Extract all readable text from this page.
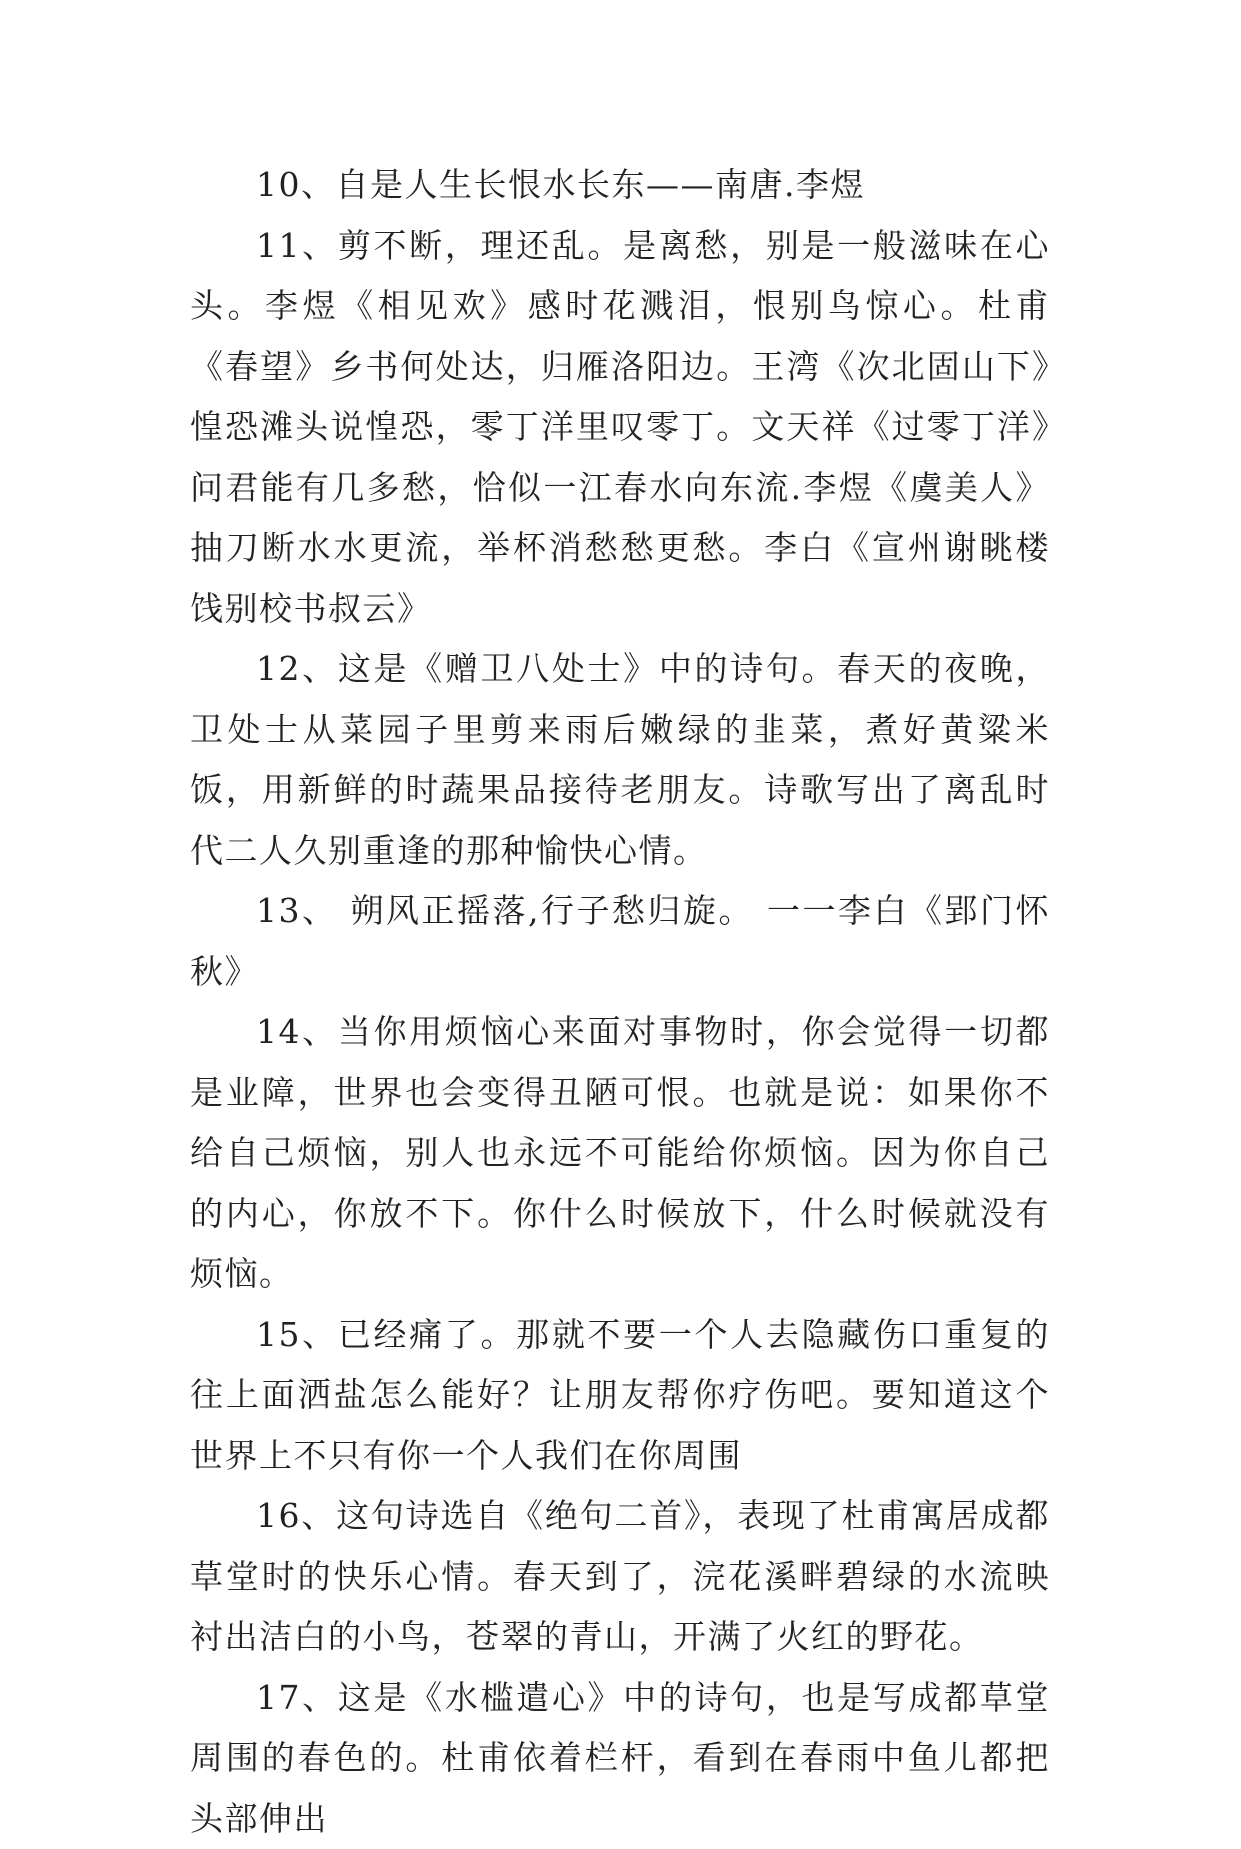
10、自是人生长恨水长东——南唐.李煜

11、剪不断，理还乱。是离愁，别是一般滋味在心头。李煜《相见欢》感时花溅泪，恨别鸟惊心。杜甫《春望》乡书何处达，归雁洛阳边。王湾《次北固山下》惶恐滩头说惶恐，零丁洋里叹零丁。文天祥《过零丁洋》问君能有几多愁，恰似一江春水向东流.李煜《虞美人》抽刀断水水更流，举杯消愁愁更愁。李白《宣州谢眺楼饯别校书叔云》

12、这是《赠卫八处士》中的诗句。春天的夜晚，卫处士从菜园子里剪来雨后嫩绿的韭菜，煮好黄粱米饭，用新鲜的时蔬果品接待老朋友。诗歌写出了离乱时代二人久别重逢的那种愉快心情。

13、 朔风正摇落,行子愁归旋。 一一李白《郢门怀秋》

14、当你用烦恼心来面对事物时，你会觉得一切都是业障，世界也会变得丑陋可恨。也就是说：如果你不给自己烦恼，别人也永远不可能给你烦恼。因为你自己的内心，你放不下。你什么时候放下，什么时候就没有烦恼。

15、已经痛了。那就不要一个人去隐藏伤口重复的往上面洒盐怎么能好？让朋友帮你疗伤吧。要知道这个世界上不只有你一个人我们在你周围

16、这句诗选自《绝句二首》，表现了杜甫寓居成都草堂时的快乐心情。春天到了，浣花溪畔碧绿的水流映衬出洁白的小鸟，苍翠的青山，开满了火红的野花。

17、这是《水槛遣心》中的诗句，也是写成都草堂周围的春色的。杜甫依着栏杆，看到在春雨中鱼儿都把头部伸出
